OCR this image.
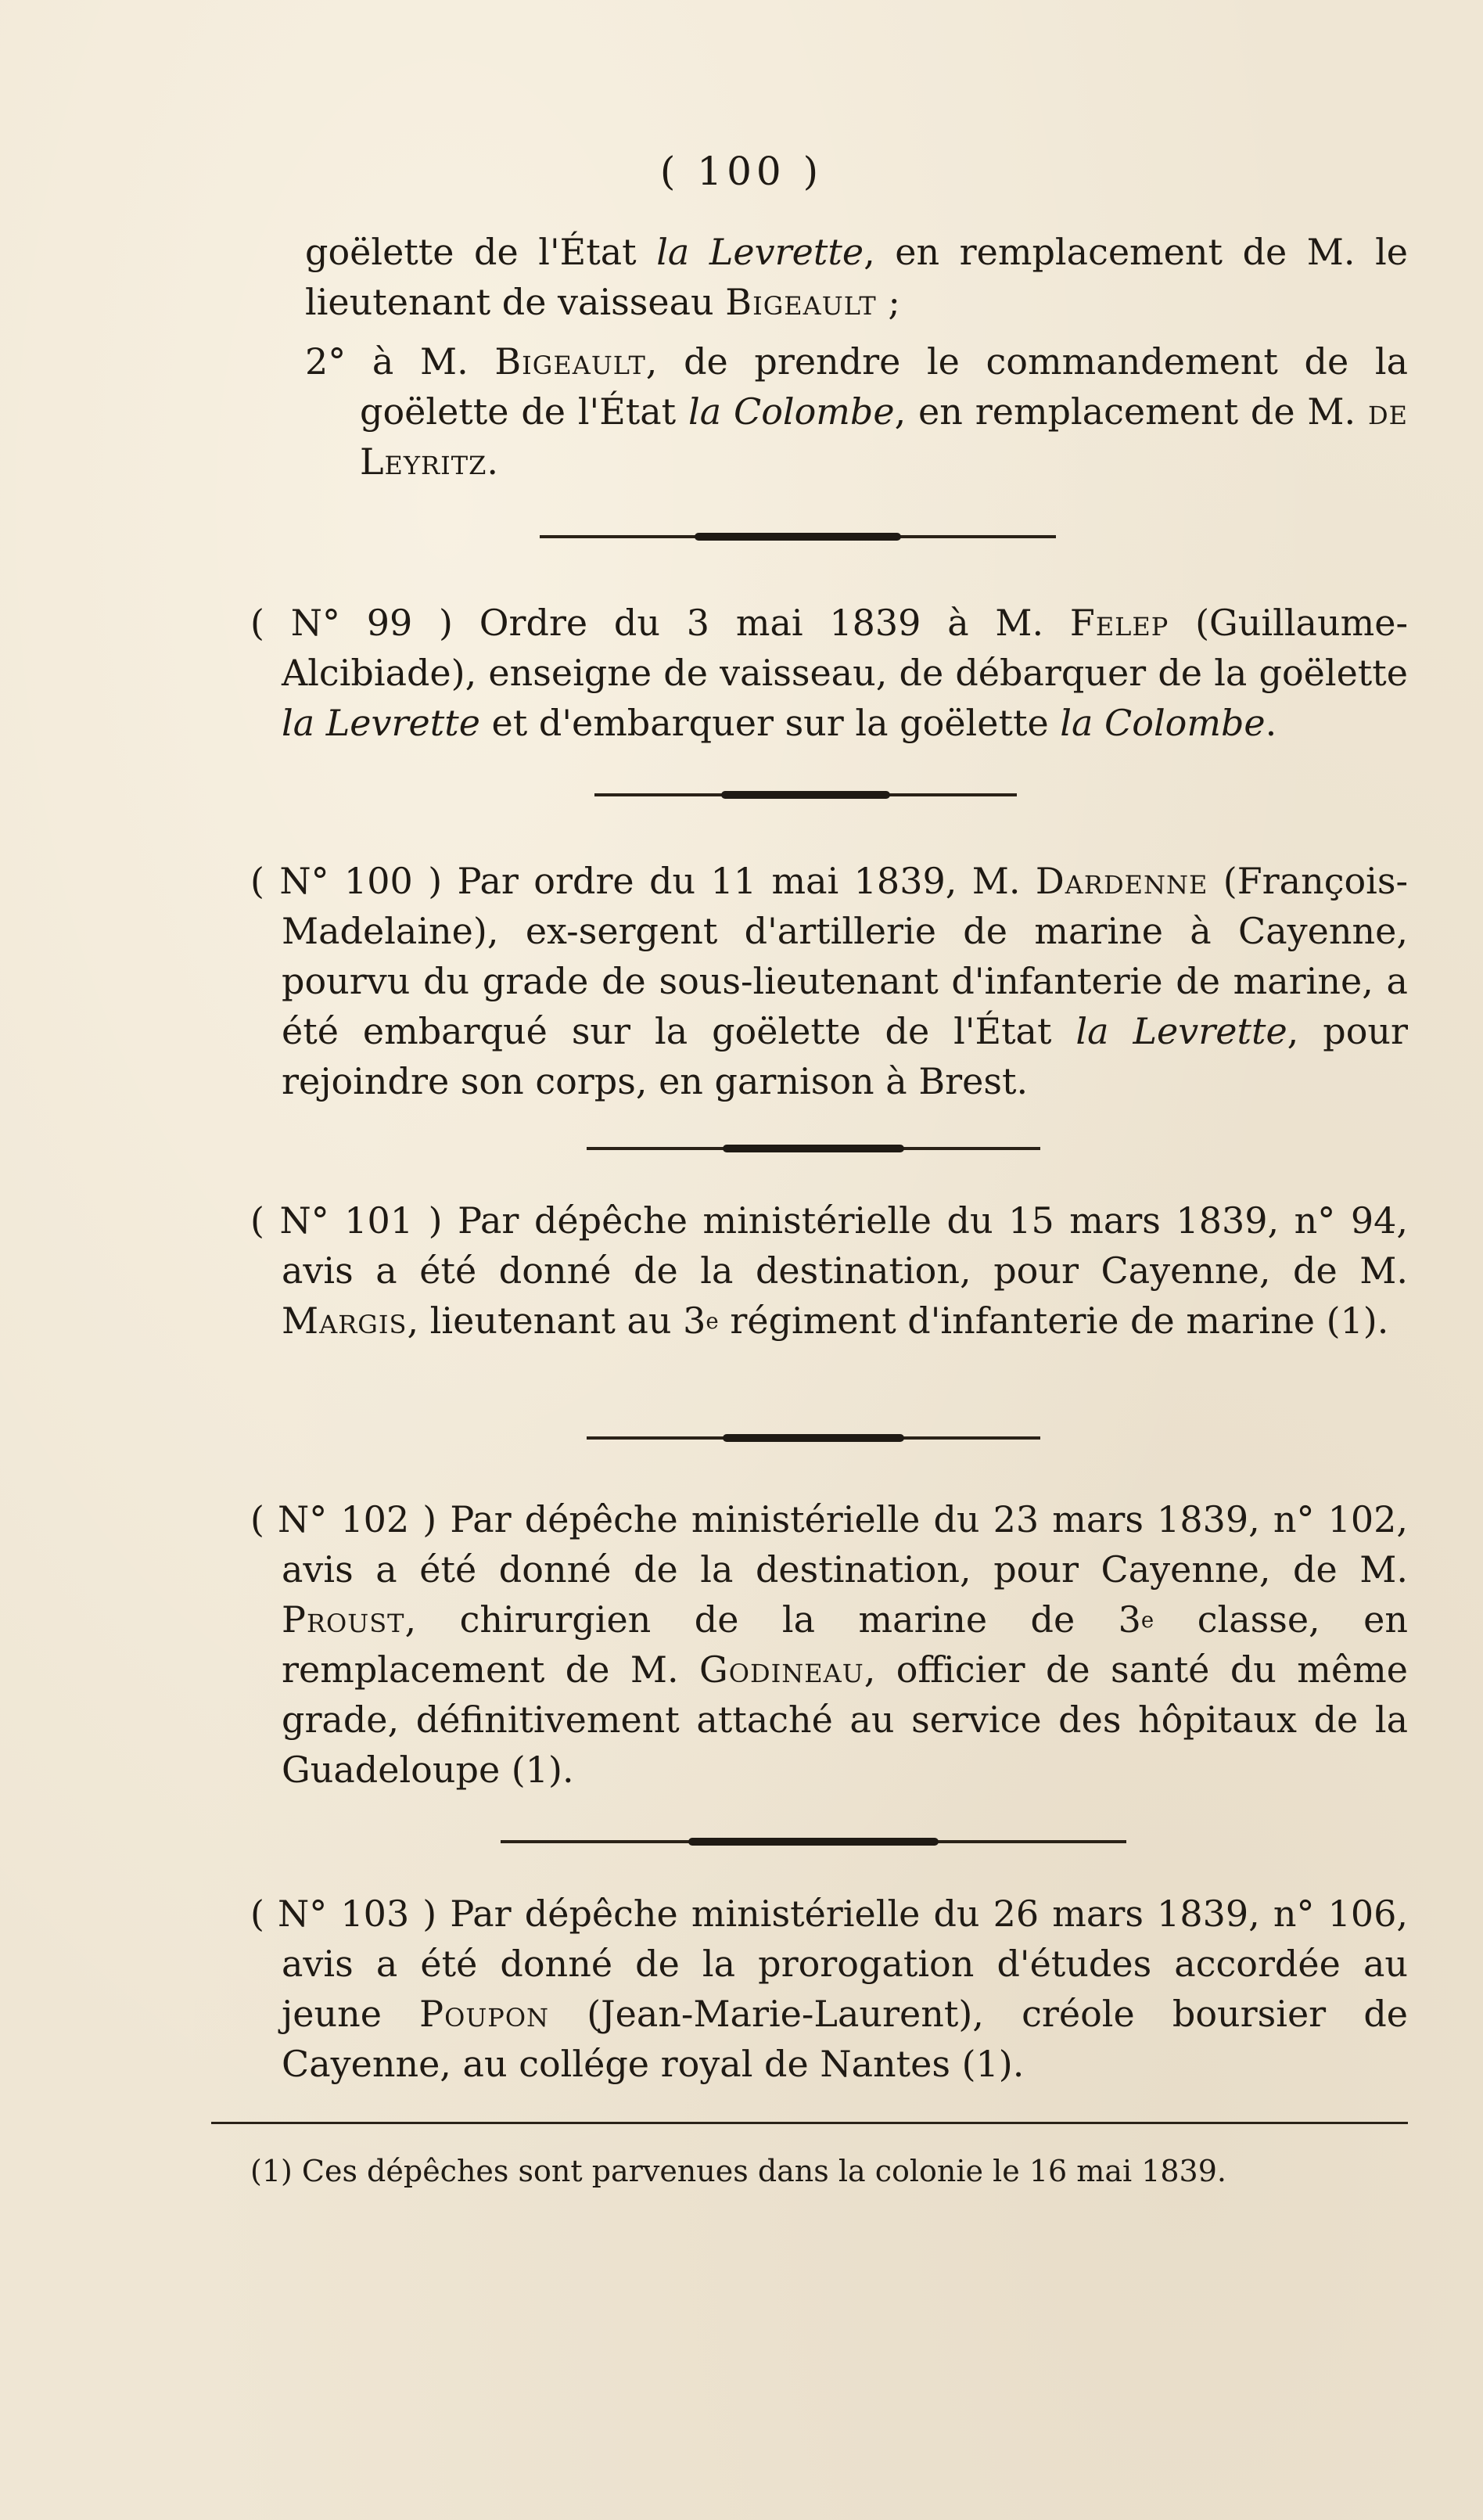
( 100 )

goëlette de l'État la Levrette, en remplacement de M. le lieutenant de vaisseau Bigeault ;

2° à M. Bigeault, de prendre le commandement de la goëlette de l'État la Colombe, en remplacement de M. de Leyritz.

( N° 99 ) Ordre du 3 mai 1839 à M. Felep (Guillaume-Alcibiade), enseigne de vaisseau, de débarquer de la goëlette la Levrette et d'embarquer sur la goëlette la Colombe.

( N° 100 ) Par ordre du 11 mai 1839, M. Dardenne (François-Madelaine), ex-sergent d'artillerie de marine à Cayenne, pourvu du grade de sous-lieutenant d'infanterie de marine, a été embarqué sur la goëlette de l'État la Levrette, pour rejoindre son corps, en garnison à Brest.

( N° 101 ) Par dépêche ministérielle du 15 mars 1839, n° 94, avis a été donné de la destination, pour Cayenne, de M. Margis, lieutenant au 3e régiment d'infanterie de marine (1).

( N° 102 ) Par dépêche ministérielle du 23 mars 1839, n° 102, avis a été donné de la destination, pour Cayenne, de M. Proust, chirurgien de la marine de 3e classe, en remplacement de M. Godineau, officier de santé du même grade, définitivement attaché au service des hôpitaux de la Guadeloupe (1).

( N° 103 ) Par dépêche ministérielle du 26 mars 1839, n° 106, avis a été donné de la prorogation d'études accordée au jeune Poupon (Jean-Marie-Laurent), créole boursier de Cayenne, au collége royal de Nantes (1).

(1) Ces dépêches sont parvenues dans la colonie le 16 mai 1839.
